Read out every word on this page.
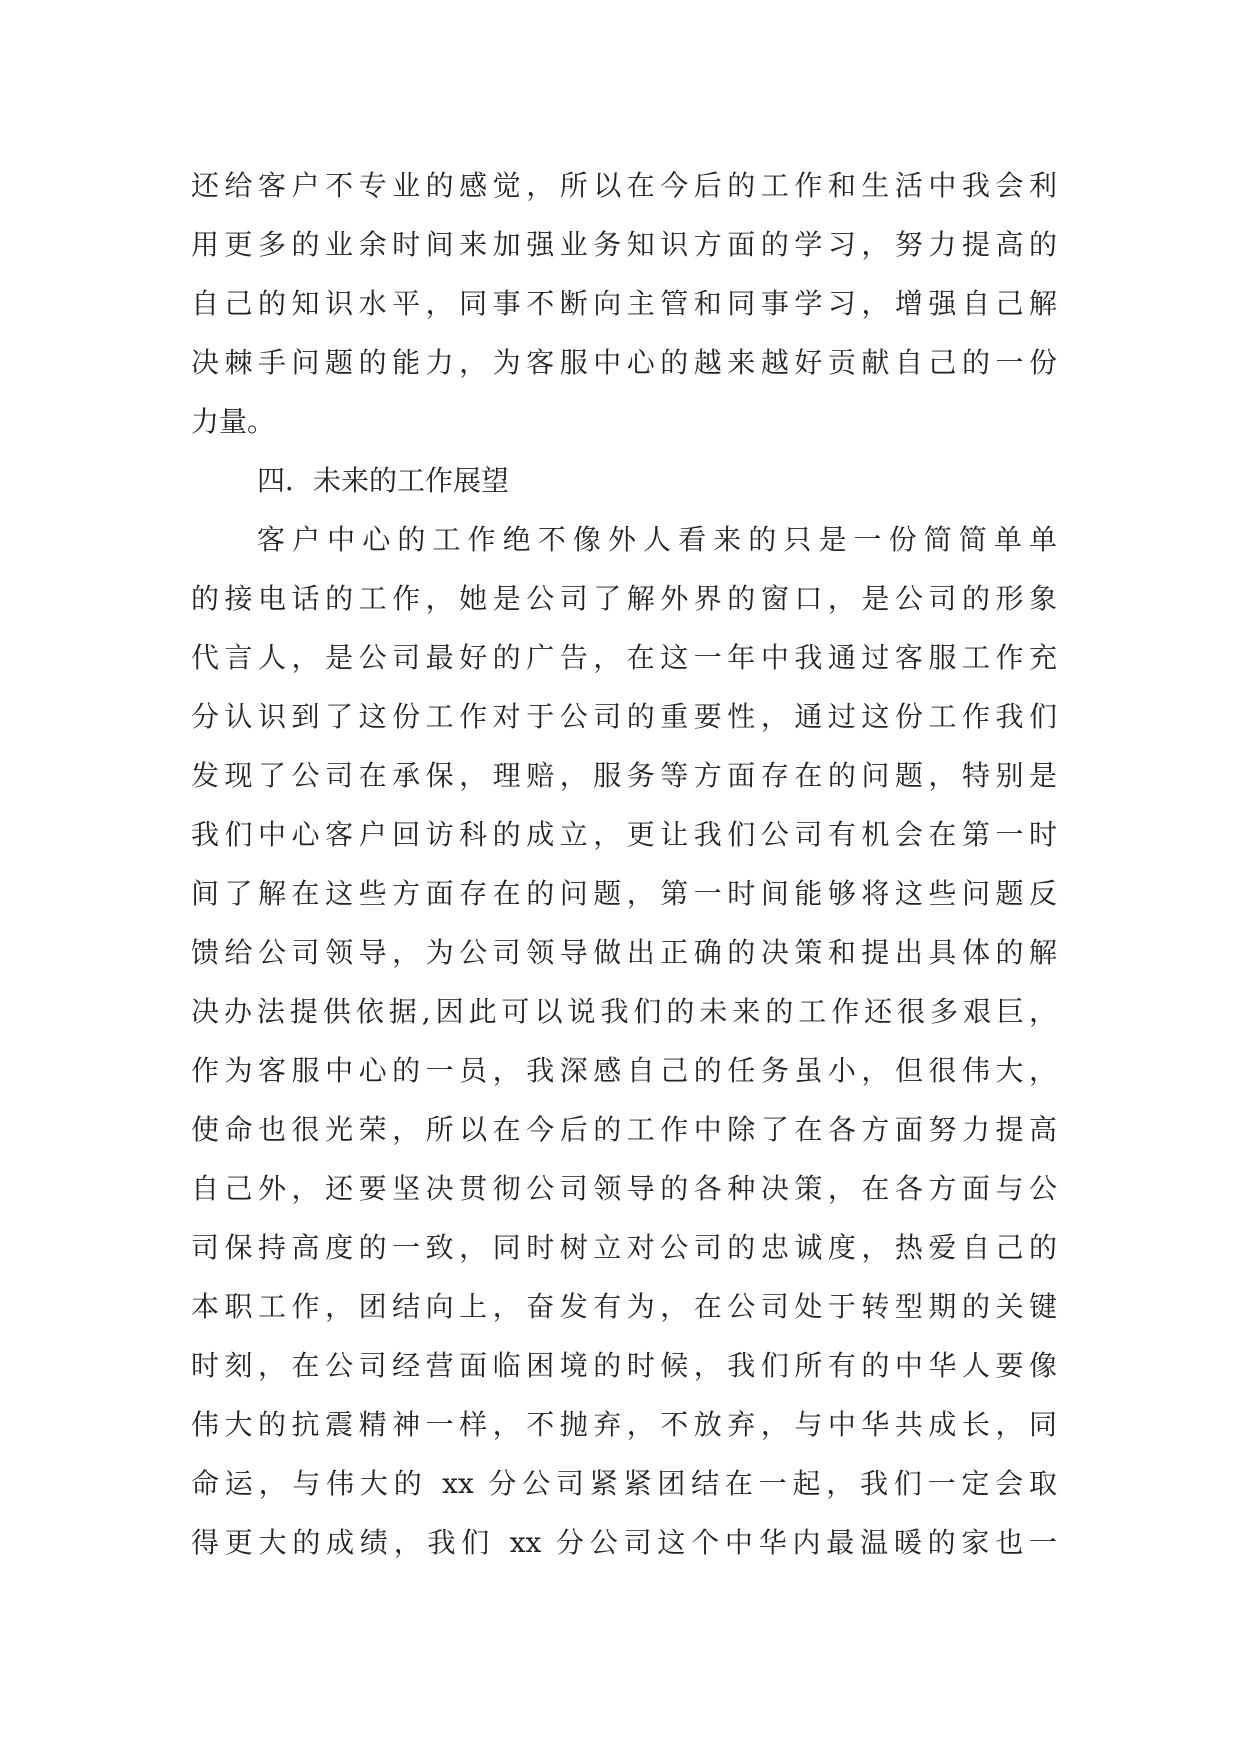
还给客户不专业的感觉，所以在今后的工作和生活中我会利
用更多的业余时间来加强业务知识方面的学习，努力提高的
自己的知识水平，同事不断向主管和同事学习，增强自己解
决棘手问题的能力，为客服中心的越来越好贡献自己的一份
力量。
四．未来的工作展望
客户中心的工作绝不像外人看来的只是一份简简单单
的接电话的工作，她是公司了解外界的窗口，是公司的形象
代言人，是公司最好的广告，在这一年中我通过客服工作充
分认识到了这份工作对于公司的重要性，通过这份工作我们
发现了公司在承保，理赔，服务等方面存在的问题，特别是
我们中心客户回访科的成立，更让我们公司有机会在第一时
间了解在这些方面存在的问题，第一时间能够将这些问题反
馈给公司领导，为公司领导做出正确的决策和提出具体的解
决办法提供依据,因此可以说我们的未来的工作还很多艰巨，
作为客服中心的一员，我深感自己的任务虽小，但很伟大，
使命也很光荣，所以在今后的工作中除了在各方面努力提高
自己外，还要坚决贯彻公司领导的各种决策，在各方面与公
司保持高度的一致，同时树立对公司的忠诚度，热爱自己的
本职工作，团结向上，奋发有为，在公司处于转型期的关键
时刻，在公司经营面临困境的时候，我们所有的中华人要像
伟大的抗震精神一样，不抛弃，不放弃，与中华共成长，同
命运，与伟大的 xx 分公司紧紧团结在一起，我们一定会取
得更大的成绩，我们 xx 分公司这个中华内最温暖的家也一
